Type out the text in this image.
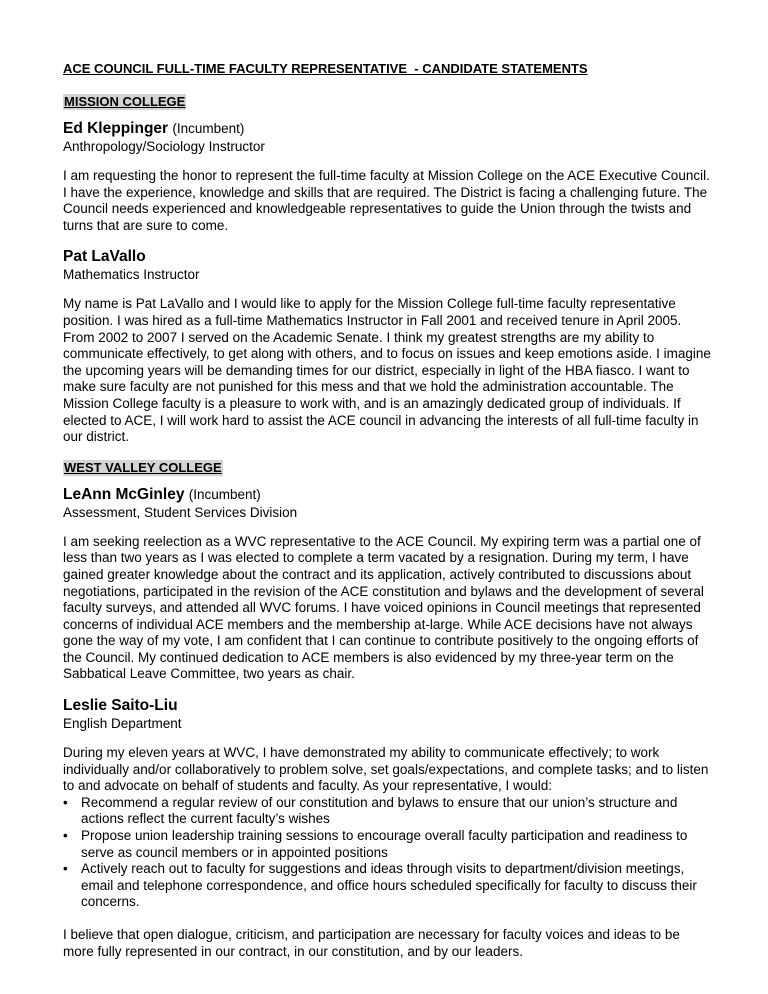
ACE COUNCIL FULL-TIME FACULTY REPRESENTATIVE  - CANDIDATE STATEMENTS

MISSION COLLEGE

Ed Kleppinger (Incumbent)

Anthropology/Sociology Instructor

I am requesting the honor to represent the full-time faculty at Mission College on the ACE Executive Council. I have the experience, knowledge and skills that are required. The District is facing a challenging future. The Council needs experienced and knowledgeable representatives to guide the Union through the twists and turns that are sure to come.

Pat LaVallo

Mathematics Instructor

My name is Pat LaVallo and I would like to apply for the Mission College full-time faculty representative position. I was hired as a full-time Mathematics Instructor in Fall 2001 and received tenure in April 2005. From 2002 to 2007 I served on the Academic Senate. I think my greatest strengths are my ability to communicate effectively, to get along with others, and to focus on issues and keep emotions aside. I imagine the upcoming years will be demanding times for our district, especially in light of the HBA fiasco. I want to make sure faculty are not punished for this mess and that we hold the administration accountable. The Mission College faculty is a pleasure to work with, and is an amazingly dedicated group of individuals. If elected to ACE, I will work hard to assist the ACE council in advancing the interests of all full-time faculty in our district.

WEST VALLEY COLLEGE

LeAnn McGinley (Incumbent)

Assessment, Student Services Division

I am seeking reelection as a WVC representative to the ACE Council. My expiring term was a partial one of less than two years as I was elected to complete a term vacated by a resignation. During my term, I have gained greater knowledge about the contract and its application, actively contributed to discussions about negotiations, participated in the revision of the ACE constitution and bylaws and the development of several faculty surveys, and attended all WVC forums. I have voiced opinions in Council meetings that represented concerns of individual ACE members and the membership at-large. While ACE decisions have not always gone the way of my vote, I am confident that I can continue to contribute positively to the ongoing efforts of the Council. My continued dedication to ACE members is also evidenced by my three-year term on the Sabbatical Leave Committee, two years as chair.

Leslie Saito-Liu

English Department

During my eleven years at WVC, I have demonstrated my ability to communicate effectively; to work individually and/or collaboratively to problem solve, set goals/expectations, and complete tasks; and to listen to and advocate on behalf of students and faculty. As your representative, I would:

• Recommend a regular review of our constitution and bylaws to ensure that our union’s structure and actions reflect the current faculty’s wishes
• Propose union leadership training sessions to encourage overall faculty participation and readiness to serve as council members or in appointed positions
• Actively reach out to faculty for suggestions and ideas through visits to department/division meetings, email and telephone correspondence, and office hours scheduled specifically for faculty to discuss their concerns.

I believe that open dialogue, criticism, and participation are necessary for faculty voices and ideas to be more fully represented in our contract, in our constitution, and by our leaders.
